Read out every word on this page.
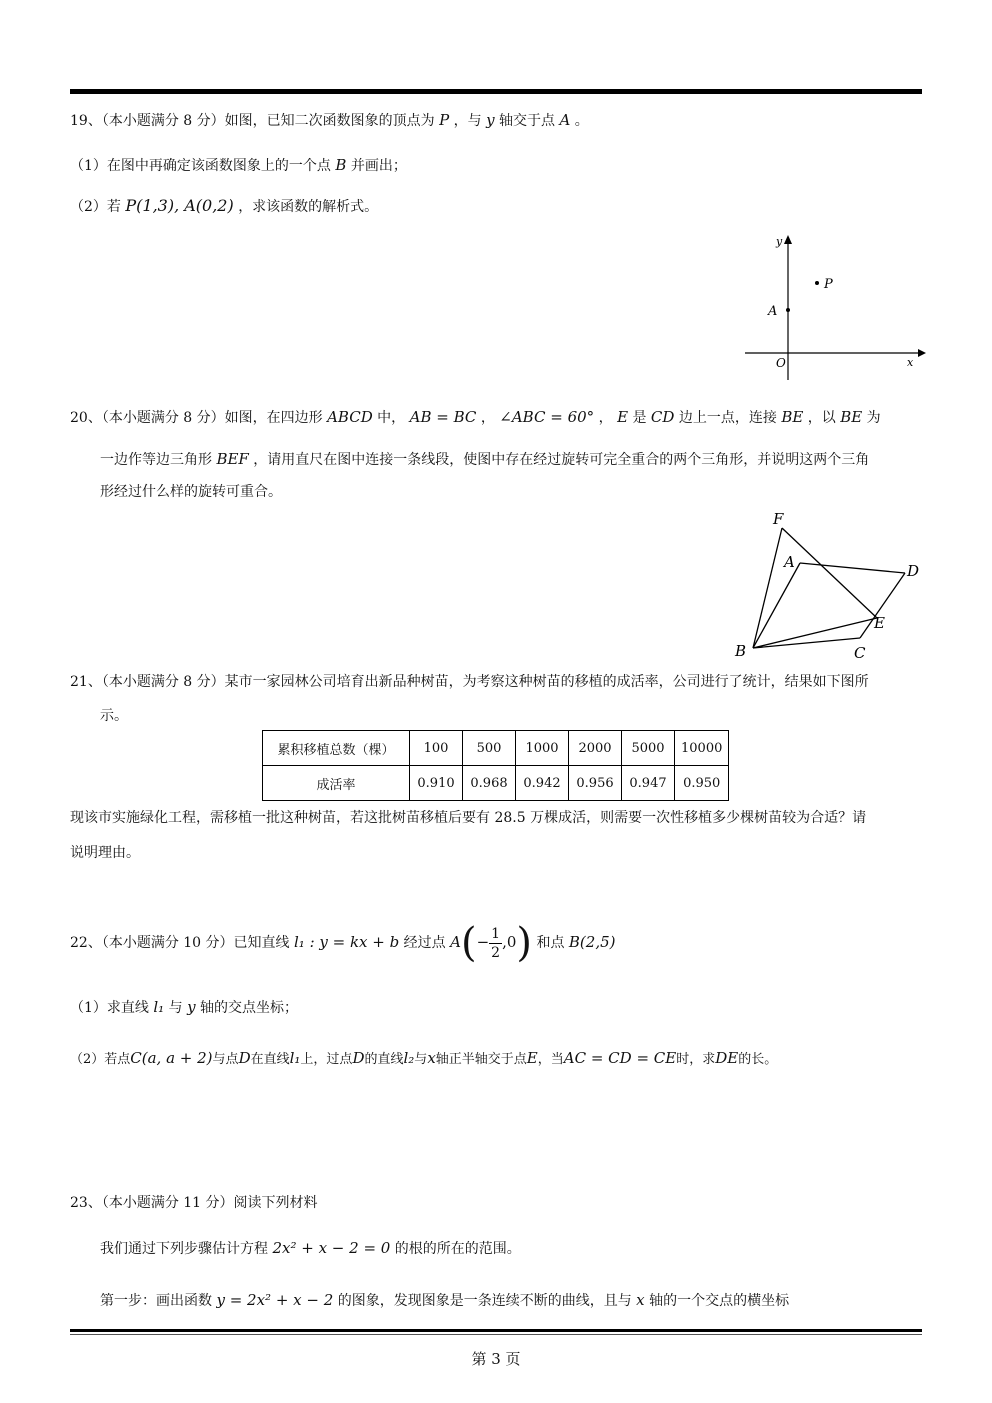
19、（本小题满分 8 分）如图，已知二次函数图象的顶点为 P ，与 y 轴交于点 A 。
（1）在图中再确定该函数图象上的一个点 B 并画出；
（2）若 P(1,3), A(0,2) ，求该函数的解析式。
y
x
O
A
P
20、（本小题满分 8 分）如图，在四边形 ABCD 中， AB = BC ， ∠ABC = 60° ， E 是 CD 边上一点，连接 BE ，以 BE 为
一边作等边三角形 BEF ，请用直尺在图中连接一条线段，使图中存在经过旋转可完全重合的两个三角形，并说明这两个三角
形经过什么样的旋转可重合。
F
A	D
E
B	C
21、（本小题满分 8 分）某市一家园林公司培育出新品种树苗，为考察这种树苗的移植的成活率，公司进行了统计，结果如下图所
示。
累积移植总数（棵）	100	500	1000	2000	5000	10000
成活率	0.910	0.968	0.942	0.956	0.947	0.950
现该市实施绿化工程，需移植一批这种树苗，若这批树苗移植后要有 28.5 万棵成活，则需要一次性移植多少棵树苗较为合适？请
说明理由。
22、（本小题满分 10 分）已知直线 l₁ : y = kx + b 经过点 $A(- \frac{1}{2} ,0)$ 和点 B(2,5)
（1）求直线 l₁ 与 y 轴的交点坐标；
（2）若点C(a, a + 2)与点D在直线l₁上，过点D的直线l₂与x轴正半轴交于点E，当AC = CD = CE时，求DE的长。
23、（本小题满分 11 分）阅读下列材料
我们通过下列步骤估计方程 2x² + x − 2 = 0 的根的所在的范围。
第一步：画出函数 y = 2x² + x − 2 的图象，发现图象是一条连续不断的曲线，且与 x 轴的一个交点的横坐标
第 3 页
